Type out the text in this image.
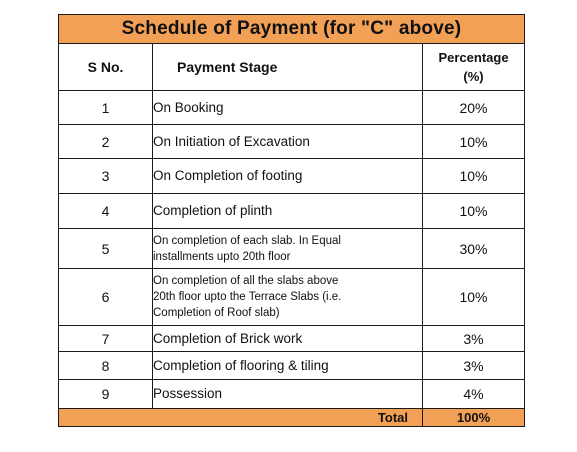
Schedule of Payment (for "C" above)		
S No.	Payment Stage	Percentage
(%)

1	On Booking	20%
2	On Initiation of Excavation	10%
3	On Completion of footing	10%
4	Completion of plinth	10%
5	On completion of each slab. In Equal
installments upto 20th floor	30%
6	On completion of all the slabs above
20th floor upto the Terrace Slabs (i.e.
Completion of Roof slab)	10%
7	Completion of Brick work	3%
8	Completion of flooring & tiling	3%
9	Possession	4%
Total		100%
